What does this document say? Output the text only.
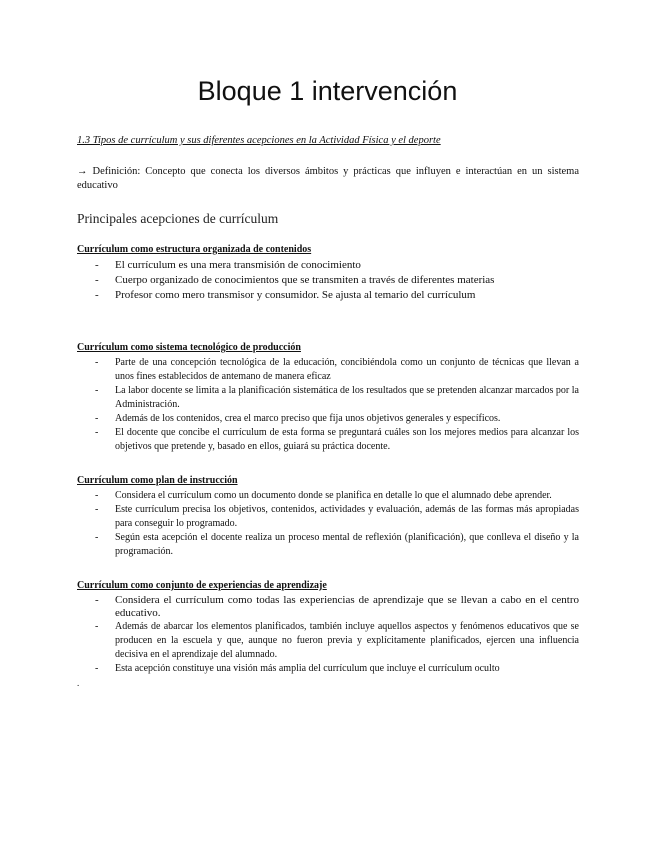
Bloque 1 intervención

1.3 Tipos de currículum y sus diferentes acepciones en la Actividad Física y el deporte

→ Definición: Concepto que conecta los diversos ámbitos y prácticas que influyen e interactúan en un sistema educativo

Principales acepciones de currículum

Currículum como estructura organizada de contenidos

- El currículum es una mera transmisión de conocimiento
- Cuerpo organizado de conocimientos que se transmiten a través de diferentes materias
- Profesor como mero transmisor y consumidor. Se ajusta al temario del currículum

Currículum como sistema tecnológico de producción

- Parte de una concepción tecnológica de la educación, concibiéndola como un conjunto de técnicas que llevan a unos fines establecidos de antemano de manera eficaz
- La labor docente se limita a la planificación sistemática de los resultados que se pretenden alcanzar marcados por la Administración.
- Además de los contenidos, crea el marco preciso que fija unos objetivos generales y específicos.
- El docente que concibe el currículum de esta forma se preguntará cuáles son los mejores medios para alcanzar los objetivos que pretende y, basado en ellos, guiará su práctica docente.

Currículum como plan de instrucción

- Considera el currículum como un documento donde se planifica en detalle lo que el alumnado debe aprender.
- Este currículum precisa los objetivos, contenidos, actividades y evaluación, además de las formas más apropiadas para conseguir lo programado.
- Según esta acepción el docente realiza un proceso mental de reflexión (planificación), que conlleva el diseño y la programación.

Currículum como conjunto de experiencias de aprendizaje

- Considera el currículum como todas las experiencias de aprendizaje que se llevan a cabo en el centro educativo.
- Además de abarcar los elementos planificados, también incluye aquellos aspectos y fenómenos educativos que se producen en la escuela y que, aunque no fueron previa y explícitamente planificados, ejercen una influencia decisiva en el aprendizaje del alumnado.
- Esta acepción constituye una visión más amplia del currículum que incluye el currículum oculto
.
